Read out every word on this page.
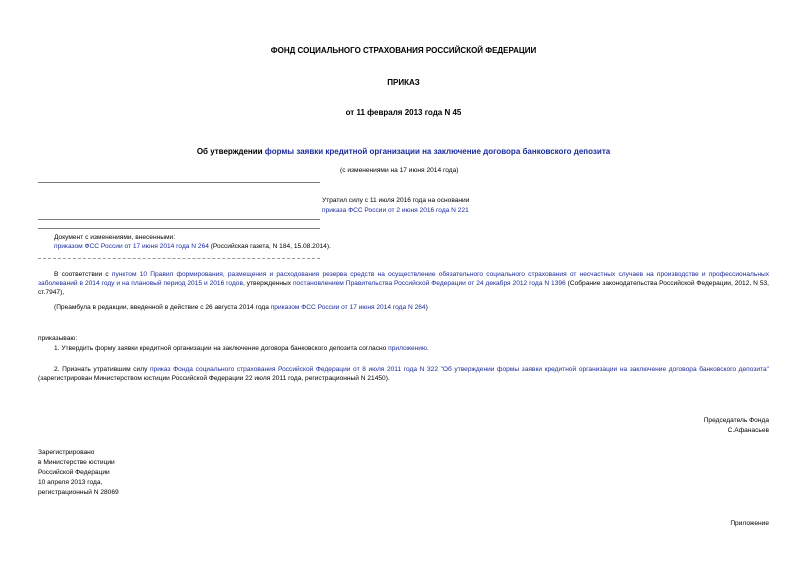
ФОНД СОЦИАЛЬНОГО СТРАХОВАНИЯ РОССИЙСКОЙ ФЕДЕРАЦИИ
ПРИКАЗ
от 11 февраля 2013 года N 45
Об утверждении формы заявки кредитной организации на заключение договора банковского депозита
(с изменениями на 17 июня 2014 года)
Утратил силу с 11 июля 2016 года на основании
приказа ФСС России от 2 июня 2016 года N 221
Документ с изменениями, внесенными:
приказом ФСС России от 17 июня 2014 года N 264 (Российская газета, N 184, 15.08.2014).
В соответствии с пунктом 10 Правил формирования, размещения и расходования резерва средств на осуществление обязательного социального страхования от несчастных случаев на производстве и профессиональных заболеваний в 2014 году и на плановый период 2015 и 2016 годов, утвержденных постановлением Правительства Российской Федерации от 24 декабря 2012 года N 1396 (Собрание законодательства Российской Федерации, 2012, N 53, ст.7947),
(Преамбула в редакции, введенной в действие с 26 августа 2014 года приказом ФСС России от 17 июня 2014 года N 264)
приказываю:
1. Утвердить форму заявки кредитной организации на заключение договора банковского депозита согласно приложению.
2. Признать утратившим силу приказ Фонда социального страхования Российской Федерации от 8 июля 2011 года N 322 "Об утверждении формы заявки кредитной организации на заключение договора банковского депозита" (зарегистрирован Министерством юстиции Российской Федерации 22 июля 2011 года, регистрационный N 21450).
Председатель Фонда
С.Афанасьев
Зарегистрировано
в Министерстве юстиции
Российской Федерации
10 апреля 2013 года,
регистрационный N 28069
Приложение
